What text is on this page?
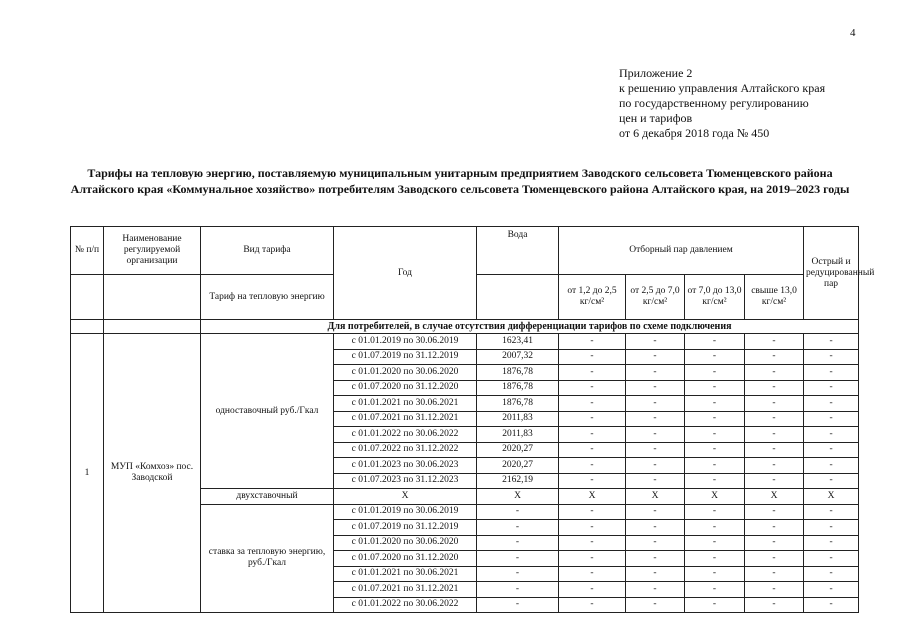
4
Приложение 2
к решению управления Алтайского края
по государственному регулированию
цен и тарифов
от 6 декабря 2018 года № 450
Тарифы на тепловую энергию, поставляемую муниципальным унитарным предприятием Заводского сельсовета Тюменцевского района Алтайского края «Коммунальное хозяйство» потребителям Заводского сельсовета Тюменцевского района Алтайского края, на 2019–2023 годы
№ п/п	Наименование регулируемой организации	Вид тарифа	Год	Вода	Отборный пар давлением				Острый и редуцированный пар
		Тариф на тепловую энергию			от 1,2 до 2,5 кг/см²	от 2,5 до 7,0 кг/см²	от 7,0 до 13,0 кг/см²	свыше 13,0 кг/см²	
		Для потребителей, в случае отсутствия дифференциации тарифов по схеме подключения							
1	МУП «Комхоз» пос. Заводской	одноставочный руб./Гкал	с 01.01.2019 по 30.06.2019	1623,41	-	-	-	-	-
			с 01.07.2019 по 31.12.2019	2007,32	-	-	-	-	-
			с 01.01.2020 по 30.06.2020	1876,78	-	-	-	-	-
			с 01.07.2020 по 31.12.2020	1876,78	-	-	-	-	-
			с 01.01.2021 по 30.06.2021	1876,78	-	-	-	-	-
			с 01.07.2021 по 31.12.2021	2011,83	-	-	-	-	-
			с 01.01.2022 по 30.06.2022	2011,83	-	-	-	-	-
			с 01.07.2022 по 31.12.2022	2020,27	-	-	-	-	-
			с 01.01.2023 по 30.06.2023	2020,27	-	-	-	-	-
			с 01.07.2023 по 31.12.2023	2162,19	-	-	-	-	-
		двухставочный	X	X	X	X	X	X	X
		ставка за тепловую энергию, руб./Гкал	с 01.01.2019 по 30.06.2019	-	-	-	-	-	-
			с 01.07.2019 по 31.12.2019	-	-	-	-	-	-
			с 01.01.2020 по 30.06.2020	-	-	-	-	-	-
			с 01.07.2020 по 31.12.2020	-	-	-	-	-	-
			с 01.01.2021 по 30.06.2021	-	-	-	-	-	-
			с 01.07.2021 по 31.12.2021	-	-	-	-	-	-
			с 01.01.2022 по 30.06.2022	-	-	-	-	-	-
